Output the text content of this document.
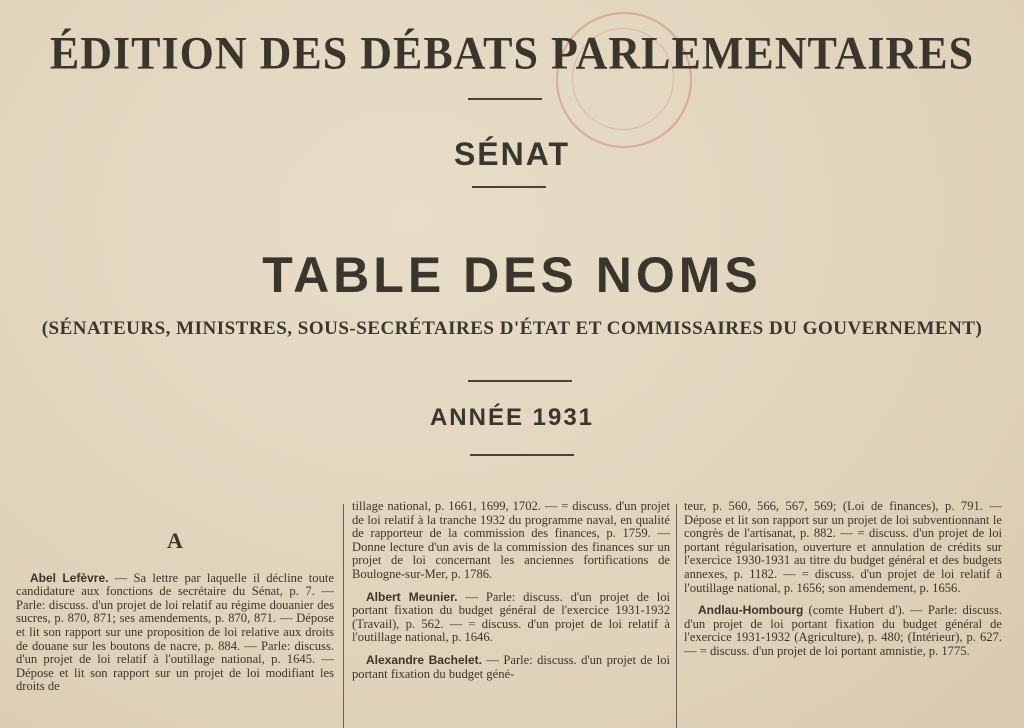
ÉDITION DES DÉBATS PARLEMENTAIRES
SÉNAT
TABLE DES NOMS
(SÉNATEURS, MINISTRES, SOUS-SECRÉTAIRES D'ÉTAT ET COMMISSAIRES DU GOUVERNEMENT)
ANNÉE 1931
A

Abel Lefèvre. — Sa lettre par laquelle il décline toute candidature aux fonctions de secrétaire du Sénat, p. 7. — Parle: discuss. d'un projet de loi relatif au régime douanier des sucres, p. 870, 871; ses amendements, p. 870, 871. — Dépose et lit son rapport sur une proposition de loi relative aux droits de douane sur les boutons de nacre, p. 884. — Parle: discuss. d'un projet de loi relatif à l'outillage national, p. 1645. — Dépose et lit son rapport sur un projet de loi modifiant les droits de

tillage national, p. 1661, 1699, 1702. — = discuss. d'un projet de loi relatif à la tranche 1932 du programme naval, en qualité de rapporteur de la commission des finances, p. 1759. — Donne lecture d'un avis de la commission des finances sur un projet de loi concernant les anciennes fortifications de Boulogne-sur-Mer, p. 1786.

Albert Meunier. — Parle: discuss. d'un projet de loi portant fixation du budget général de l'exercice 1931-1932 (Travail), p. 562. — = discuss. d'un projet de loi relatif à l'outillage national, p. 1646.

Alexandre Bachelet. — Parle: discuss. d'un projet de loi portant fixation du budget géné-

teur, p. 560, 566, 567, 569; (Loi de finances), p. 791. — Dépose et lit son rapport sur un projet de loi subventionnant le congrès de l'artisanat, p. 882. — = discuss. d'un projet de loi portant régularisation, ouverture et annulation de crédits sur l'exercice 1930-1931 au titre du budget général et des budgets annexes, p. 1182. — = discuss. d'un projet de loi relatif à l'outillage national, p. 1656; son amendement, p. 1656.

Andlau-Hombourg (comte Hubert d'). — Parle: discuss. d'un projet de loi portant fixation du budget général de l'exercice 1931-1932 (Agriculture), p. 480; (Intérieur), p. 627. — = discuss. d'un projet de loi portant amnistie, p. 1775.
